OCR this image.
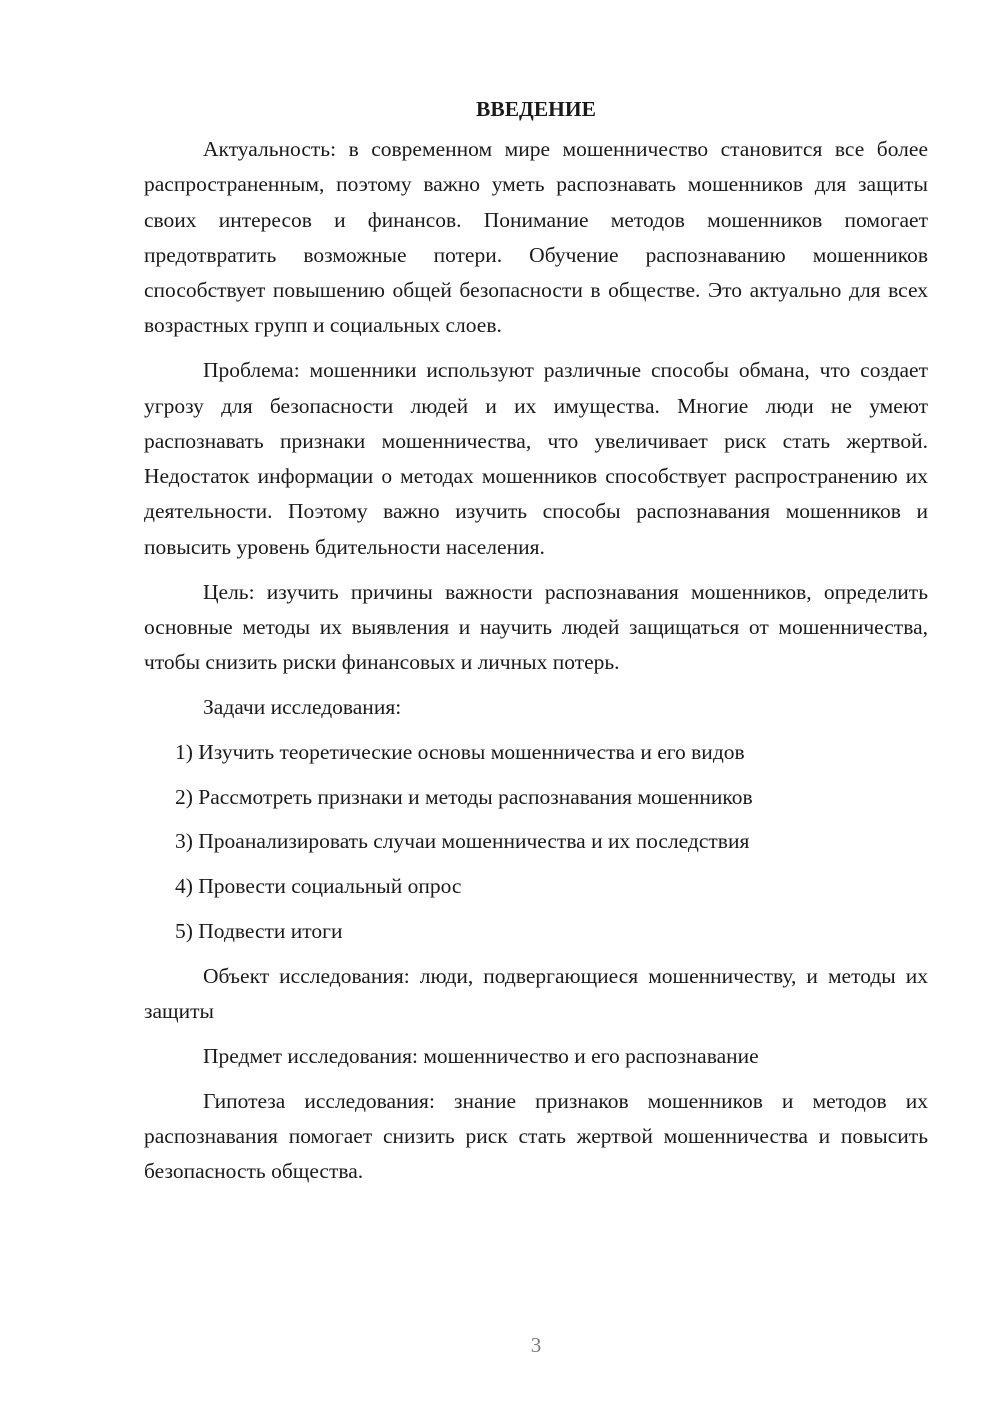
ВВЕДЕНИЕ

Актуальность: в современном мире мошенничество становится все более распространенным, поэтому важно уметь распознавать мошенников для защиты своих интересов и финансов. Понимание методов мошенников помогает предотвратить возможные потери. Обучение распознаванию мошенников способствует повышению общей безопасности в обществе. Это актуально для всех возрастных групп и социальных слоев.

Проблема: мошенники используют различные способы обмана, что создает угрозу для безопасности людей и их имущества. Многие люди не умеют распознавать признаки мошенничества, что увеличивает риск стать жертвой. Недостаток информации о методах мошенников способствует распространению их деятельности. Поэтому важно изучить способы распознавания мошенников и повысить уровень бдительности населения.

Цель: изучить причины важности распознавания мошенников, определить основные методы их выявления и научить людей защищаться от мошенничества, чтобы снизить риски финансовых и личных потерь.

Задачи исследования:

1) Изучить теоретические основы мошенничества и его видов
2) Рассмотреть признаки и методы распознавания мошенников
3) Проанализировать случаи мошенничества и их последствия
4) Провести социальный опрос
5) Подвести итоги

Объект исследования: люди, подвергающиеся мошенничеству, и методы их защиты

Предмет исследования: мошенничество и его распознавание

Гипотеза исследования: знание признаков мошенников и методов их распознавания помогает снизить риск стать жертвой мошенничества и повысить безопасность общества.

3
